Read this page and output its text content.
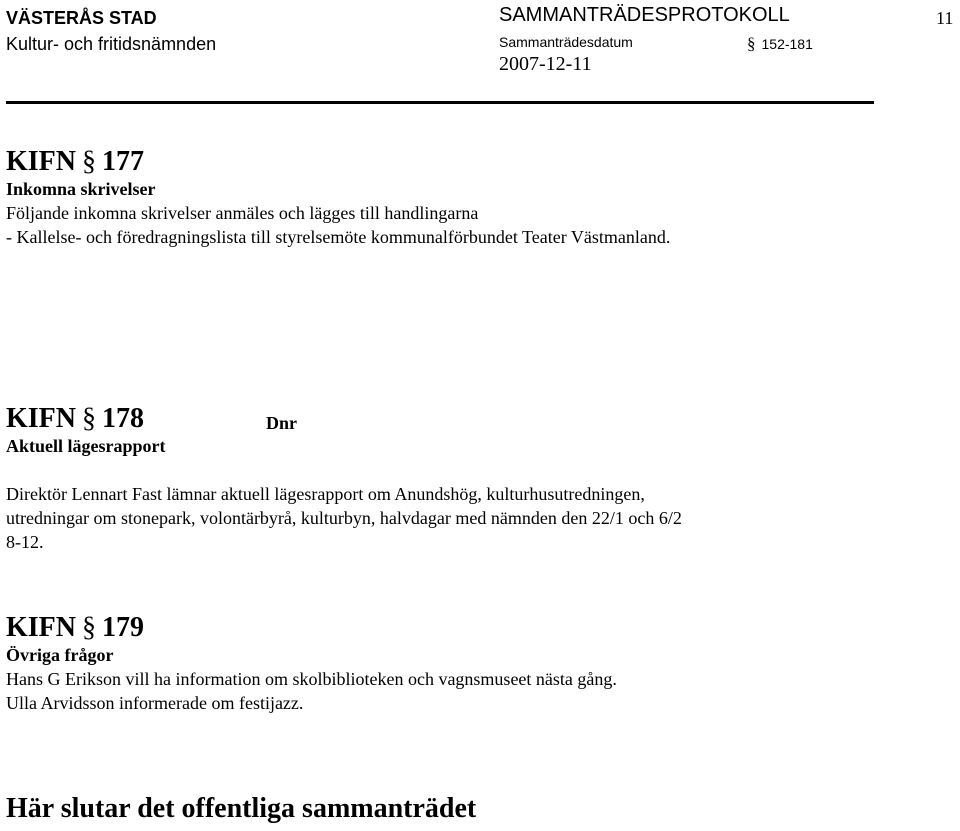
VÄSTERÅS STAD
Kultur- och fritidsnämnden
SAMMANTRÄDESPROTOKOLL
Sammanträdesdatum	§ 152-181
2007-12-11
11
KIFN § 177
Inkomna skrivelser
Följande inkomna skrivelser anmäles och lägges till handlingarna
- Kallelse- och föredragningslista till styrelsemöte kommunalförbundet Teater Västmanland.
KIFN § 178	Dnr
Aktuell lägesrapport
Direktör Lennart Fast lämnar aktuell lägesrapport om Anundshög, kulturhusutredningen,
utredningar om stonepark, volontärbyrå, kulturbyn, halvdagar med nämnden den 22/1 och 6/2
8-12.
KIFN § 179
Övriga frågor
Hans G Erikson vill ha information om skolbiblioteken och vagnsmuseet nästa gång.
Ulla Arvidsson informerade om festijazz.
Här slutar det offentliga sammanträdet
